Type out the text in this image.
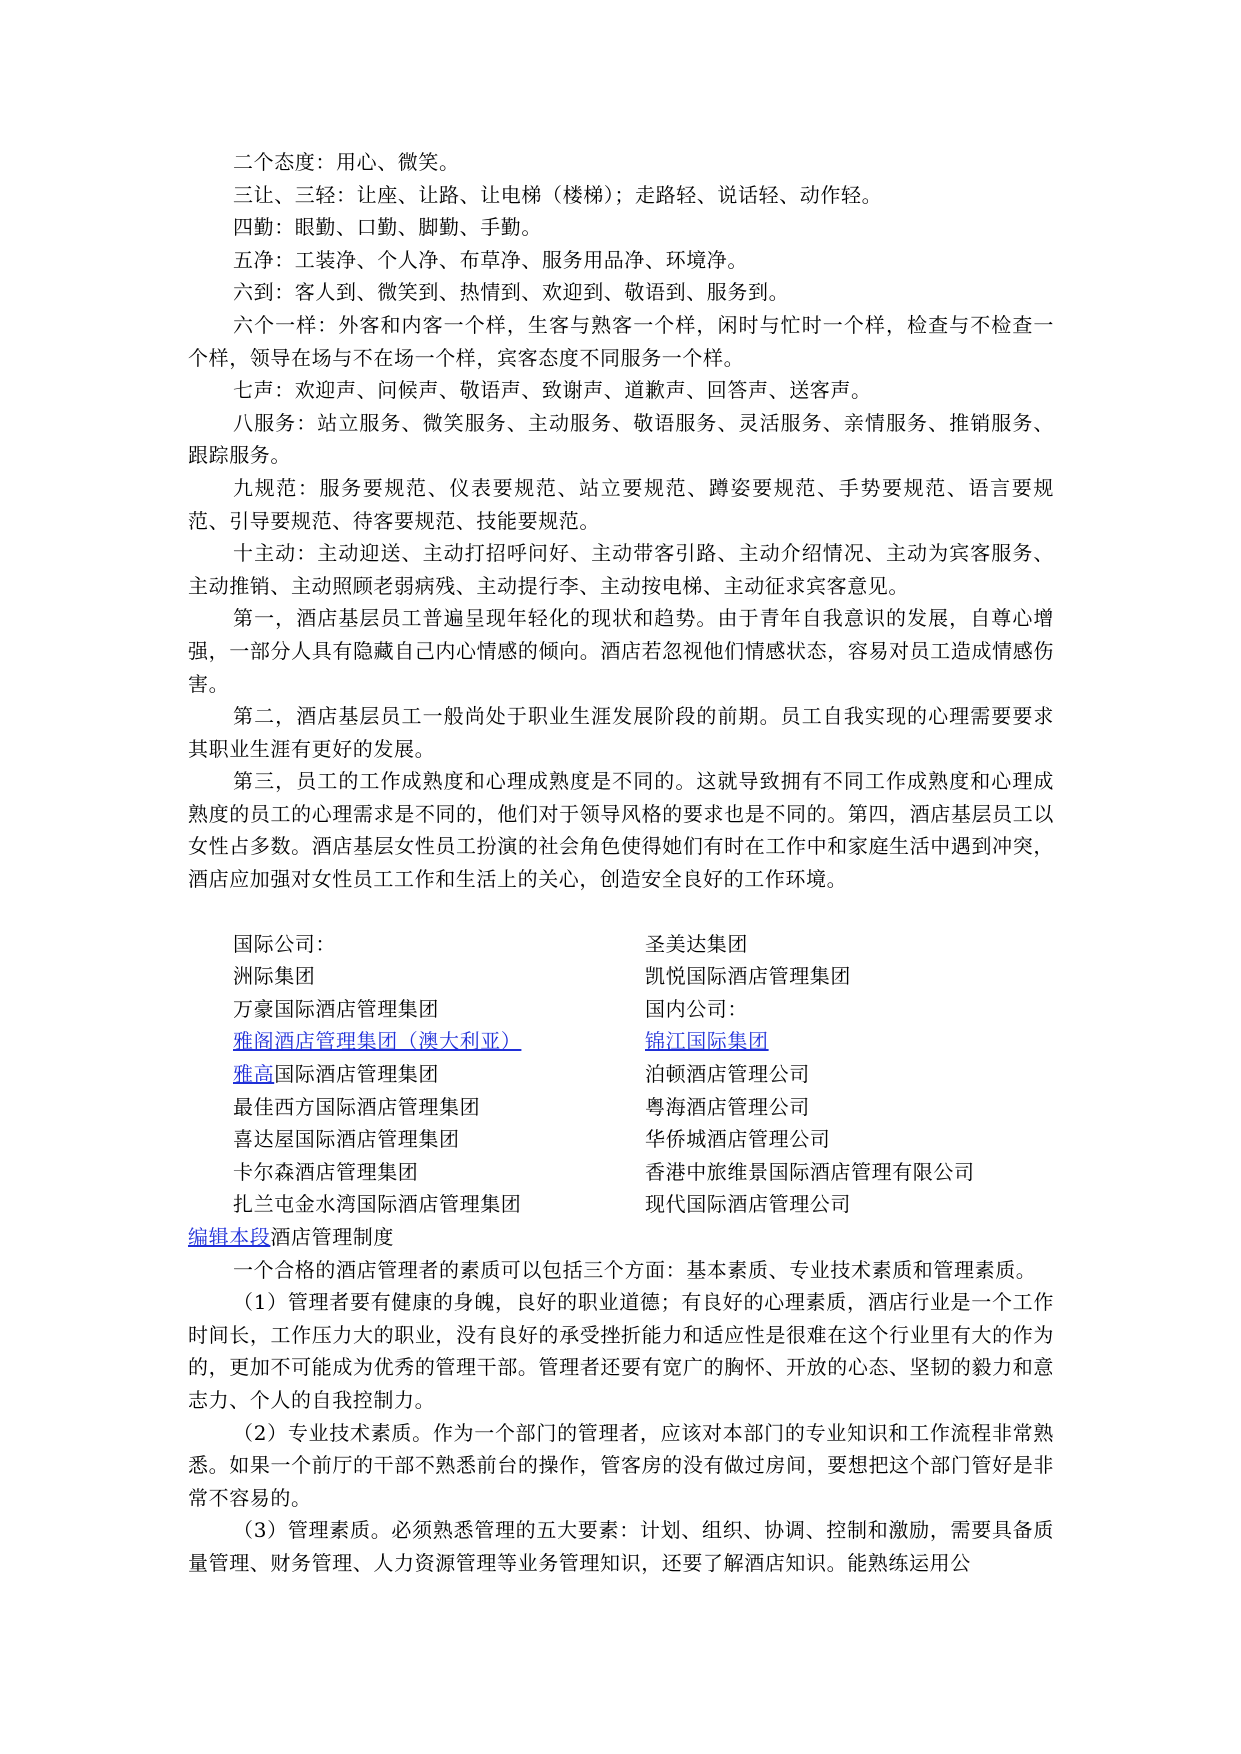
二个态度：用心、微笑。

三让、三轻：让座、让路、让电梯（楼梯）；走路轻、说话轻、动作轻。

四勤：眼勤、口勤、脚勤、手勤。

五净：工装净、个人净、布草净、服务用品净、环境净。

六到：客人到、微笑到、热情到、欢迎到、敬语到、服务到。

六个一样：外客和内客一个样，生客与熟客一个样，闲时与忙时一个样，检查与不检查一个样，领导在场与不在场一个样，宾客态度不同服务一个样。

七声：欢迎声、问候声、敬语声、致谢声、道歉声、回答声、送客声。

八服务：站立服务、微笑服务、主动服务、敬语服务、灵活服务、亲情服务、推销服务、跟踪服务。

九规范：服务要规范、仪表要规范、站立要规范、蹲姿要规范、手势要规范、语言要规范、引导要规范、待客要规范、技能要规范。

十主动：主动迎送、主动打招呼问好、主动带客引路、主动介绍情况、主动为宾客服务、主动推销、主动照顾老弱病残、主动提行李、主动按电梯、主动征求宾客意见。

第一，酒店基层员工普遍呈现年轻化的现状和趋势。由于青年自我意识的发展，自尊心增强，一部分人具有隐藏自己内心情感的倾向。酒店若忽视他们情感状态，容易对员工造成情感伤害。

第二，酒店基层员工一般尚处于职业生涯发展阶段的前期。员工自我实现的心理需要要求其职业生涯有更好的发展。

第三，员工的工作成熟度和心理成熟度是不同的。这就导致拥有不同工作成熟度和心理成熟度的员工的心理需求是不同的，他们对于领导风格的要求也是不同的。第四，酒店基层员工以女性占多数。酒店基层女性员工扮演的社会角色使得她们有时在工作中和家庭生活中遇到冲突，酒店应加强对女性员工工作和生活上的关心，创造安全良好的工作环境。

国际公司：	圣美达集团
洲际集团	凯悦国际酒店管理集团
万豪国际酒店管理集团	国内公司：
雅阁酒店管理集团（澳大利亚）	锦江国际集团
雅高国际酒店管理集团	泊顿酒店管理公司
最佳西方国际酒店管理集团	粤海酒店管理公司
喜达屋国际酒店管理集团	华侨城酒店管理公司
卡尔森酒店管理集团	香港中旅维景国际酒店管理有限公司
扎兰屯金水湾国际酒店管理集团	现代国际酒店管理公司

编辑本段酒店管理制度

一个合格的酒店管理者的素质可以包括三个方面：基本素质、专业技术素质和管理素质。

（1）管理者要有健康的身魄，良好的职业道德；有良好的心理素质，酒店行业是一个工作时间长，工作压力大的职业，没有良好的承受挫折能力和适应性是很难在这个行业里有大的作为的，更加不可能成为优秀的管理干部。管理者还要有宽广的胸怀、开放的心态、坚韧的毅力和意志力、个人的自我控制力。

（2）专业技术素质。作为一个部门的管理者，应该对本部门的专业知识和工作流程非常熟悉。如果一个前厅的干部不熟悉前台的操作，管客房的没有做过房间，要想把这个部门管好是非常不容易的。

（3）管理素质。必须熟悉管理的五大要素：计划、组织、协调、控制和激励，需要具备质量管理、财务管理、人力资源管理等业务管理知识，还要了解酒店知识。能熟练运用公
